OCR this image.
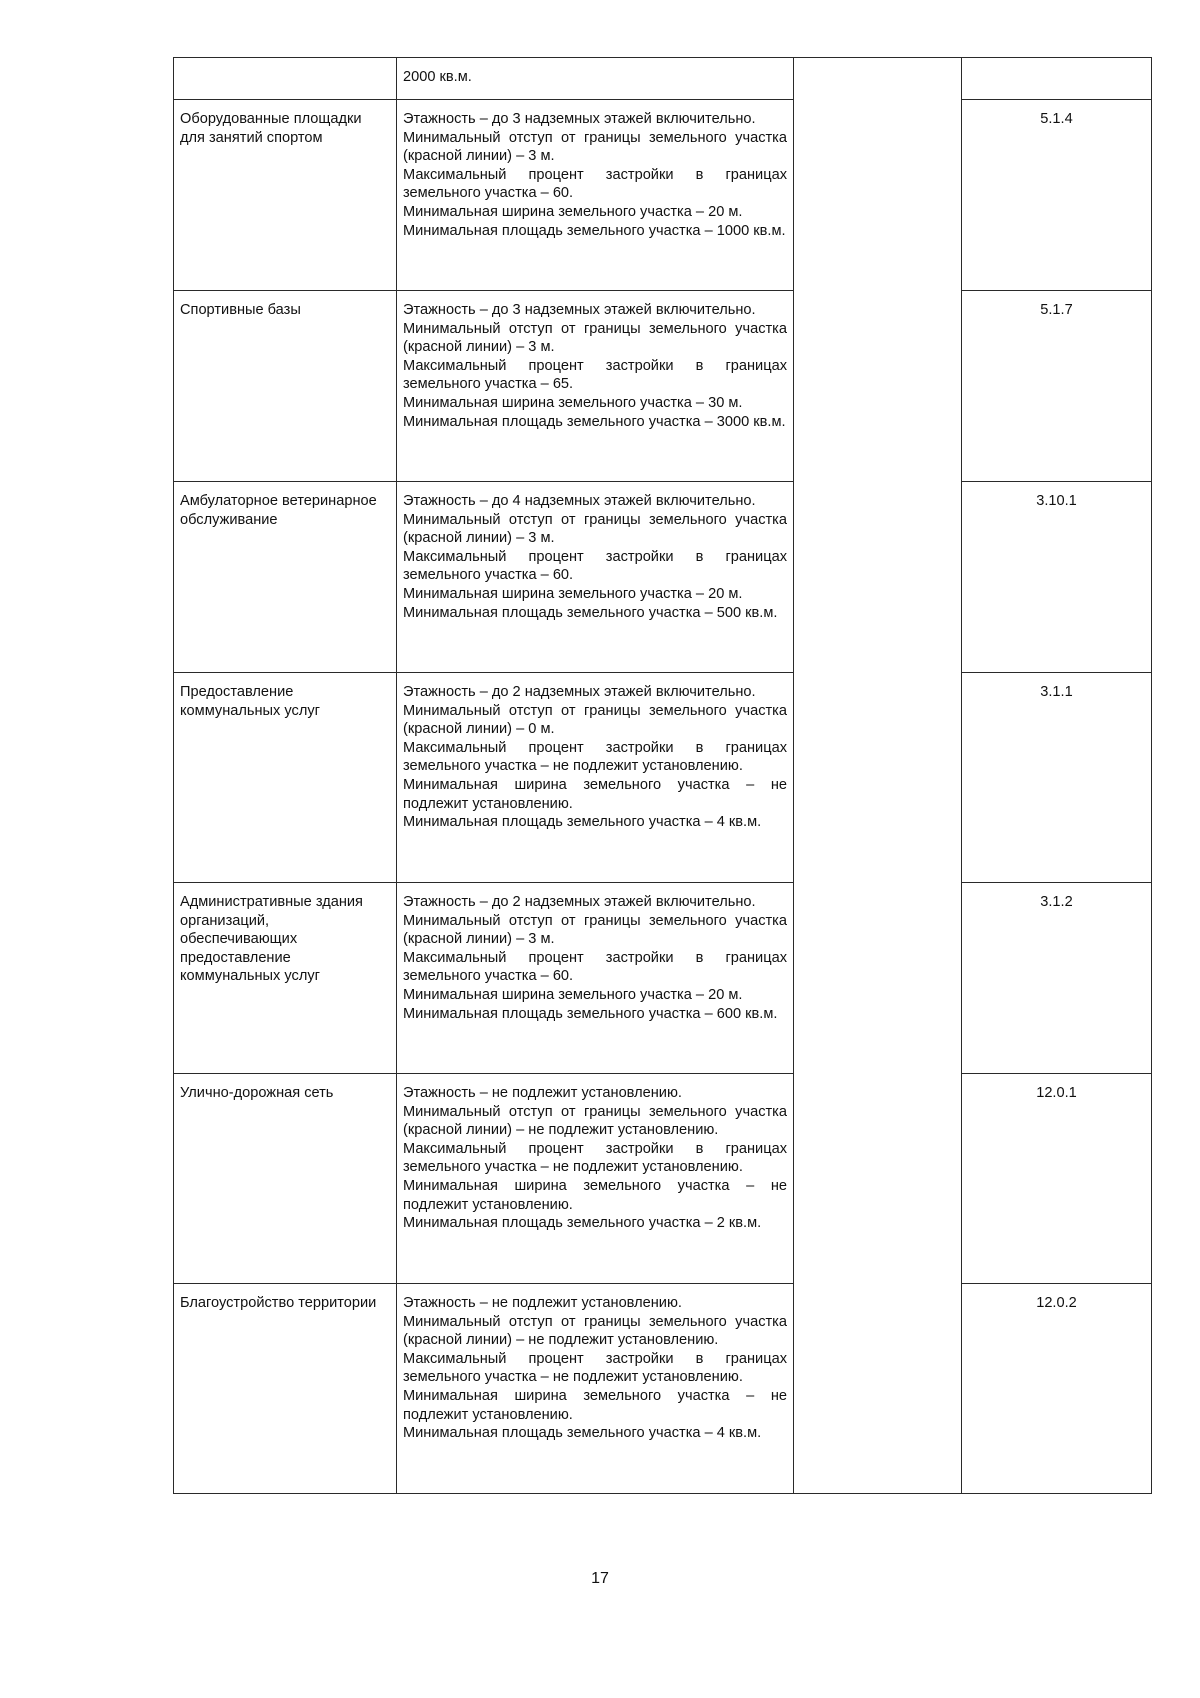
	2000 кв.м.		

Оборудованные площадки для занятий спортом	Этажность – до 3 надземных этажей включительно.
Минимальный отступ от границы земельного участка (красной линии) – 3 м.
Максимальный процент застройки в границах земельного участка – 60.
Минимальная ширина земельного участка – 20 м.
Минимальная площадь земельного участка – 1000 кв.м.		5.1.4
Спортивные базы	Этажность – до 3 надземных этажей включительно.
Минимальный отступ от границы земельного участка (красной линии) – 3 м.
Максимальный процент застройки в границах земельного участка – 65.
Минимальная ширина земельного участка – 30 м.
Минимальная площадь земельного участка – 3000 кв.м.		5.1.7
Амбулаторное ветеринарное обслуживание	Этажность – до 4 надземных этажей включительно.
Минимальный отступ от границы земельного участка (красной линии) – 3 м.
Максимальный процент застройки в границах земельного участка – 60.
Минимальная ширина земельного участка – 20 м.
Минимальная площадь земельного участка – 500 кв.м.		3.10.1
Предоставление коммунальных услуг	Этажность – до 2 надземных этажей включительно.
Минимальный отступ от границы земельного участка (красной линии) – 0 м.
Максимальный процент застройки в границах земельного участка – не подлежит установлению.
Минимальная ширина земельного участка – не подлежит установлению.
Минимальная площадь земельного участка – 4 кв.м.		3.1.1
Административные здания организаций, обеспечивающих предоставление коммунальных услуг	Этажность – до 2 надземных этажей включительно.
Минимальный отступ от границы земельного участка (красной линии) – 3 м.
Максимальный процент застройки в границах земельного участка – 60.
Минимальная ширина земельного участка – 20 м.
Минимальная площадь земельного участка – 600 кв.м.		3.1.2
Улично-дорожная сеть	Этажность – не подлежит установлению.
Минимальный отступ от границы земельного участка (красной линии) – не подлежит установлению.
Максимальный процент застройки в границах земельного участка – не подлежит установлению.
Минимальная ширина земельного участка – не подлежит установлению.
Минимальная площадь земельного участка – 2 кв.м.		12.0.1
Благоустройство территории	Этажность – не подлежит установлению.
Минимальный отступ от границы земельного участка (красной линии) – не подлежит установлению.
Максимальный процент застройки в границах земельного участка – не подлежит установлению.
Минимальная ширина земельного участка – не подлежит установлению.
Минимальная площадь земельного участка – 4 кв.м.		12.0.2
17
